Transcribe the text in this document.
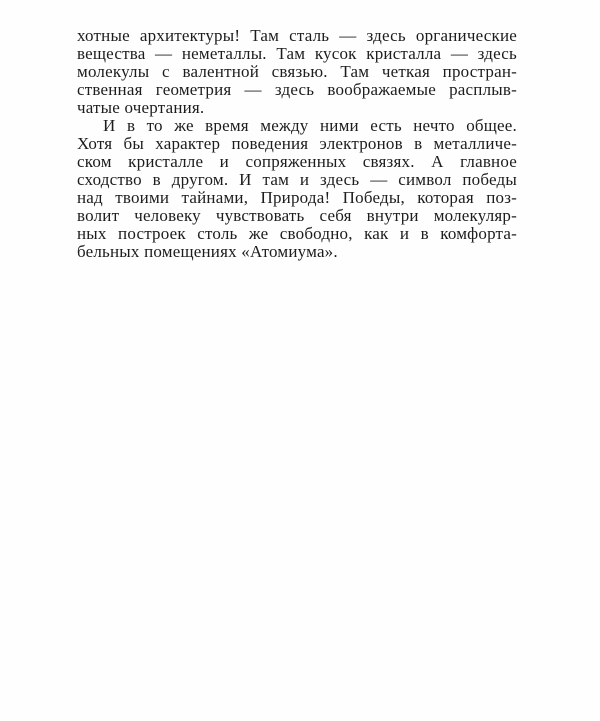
хотные архитектуры! Там сталь — здесь органические
вещества — неметаллы. Там кусок кристалла — здесь
молекулы с валентной связью. Там четкая простран-
ственная геометрия — здесь воображаемые расплыв-
чатые очертания.
И в то же время между ними есть нечто общее.
Хотя бы характер поведения электронов в металличе-
ском кристалле и сопряженных связях. А главное
сходство в другом. И там и здесь — символ победы
над твоими тайнами, Природа! Победы, которая поз-
волит человеку чувствовать себя внутри молекуляр-
ных построек столь же свободно, как и в комфорта-
бельных помещениях «Атомиума».
